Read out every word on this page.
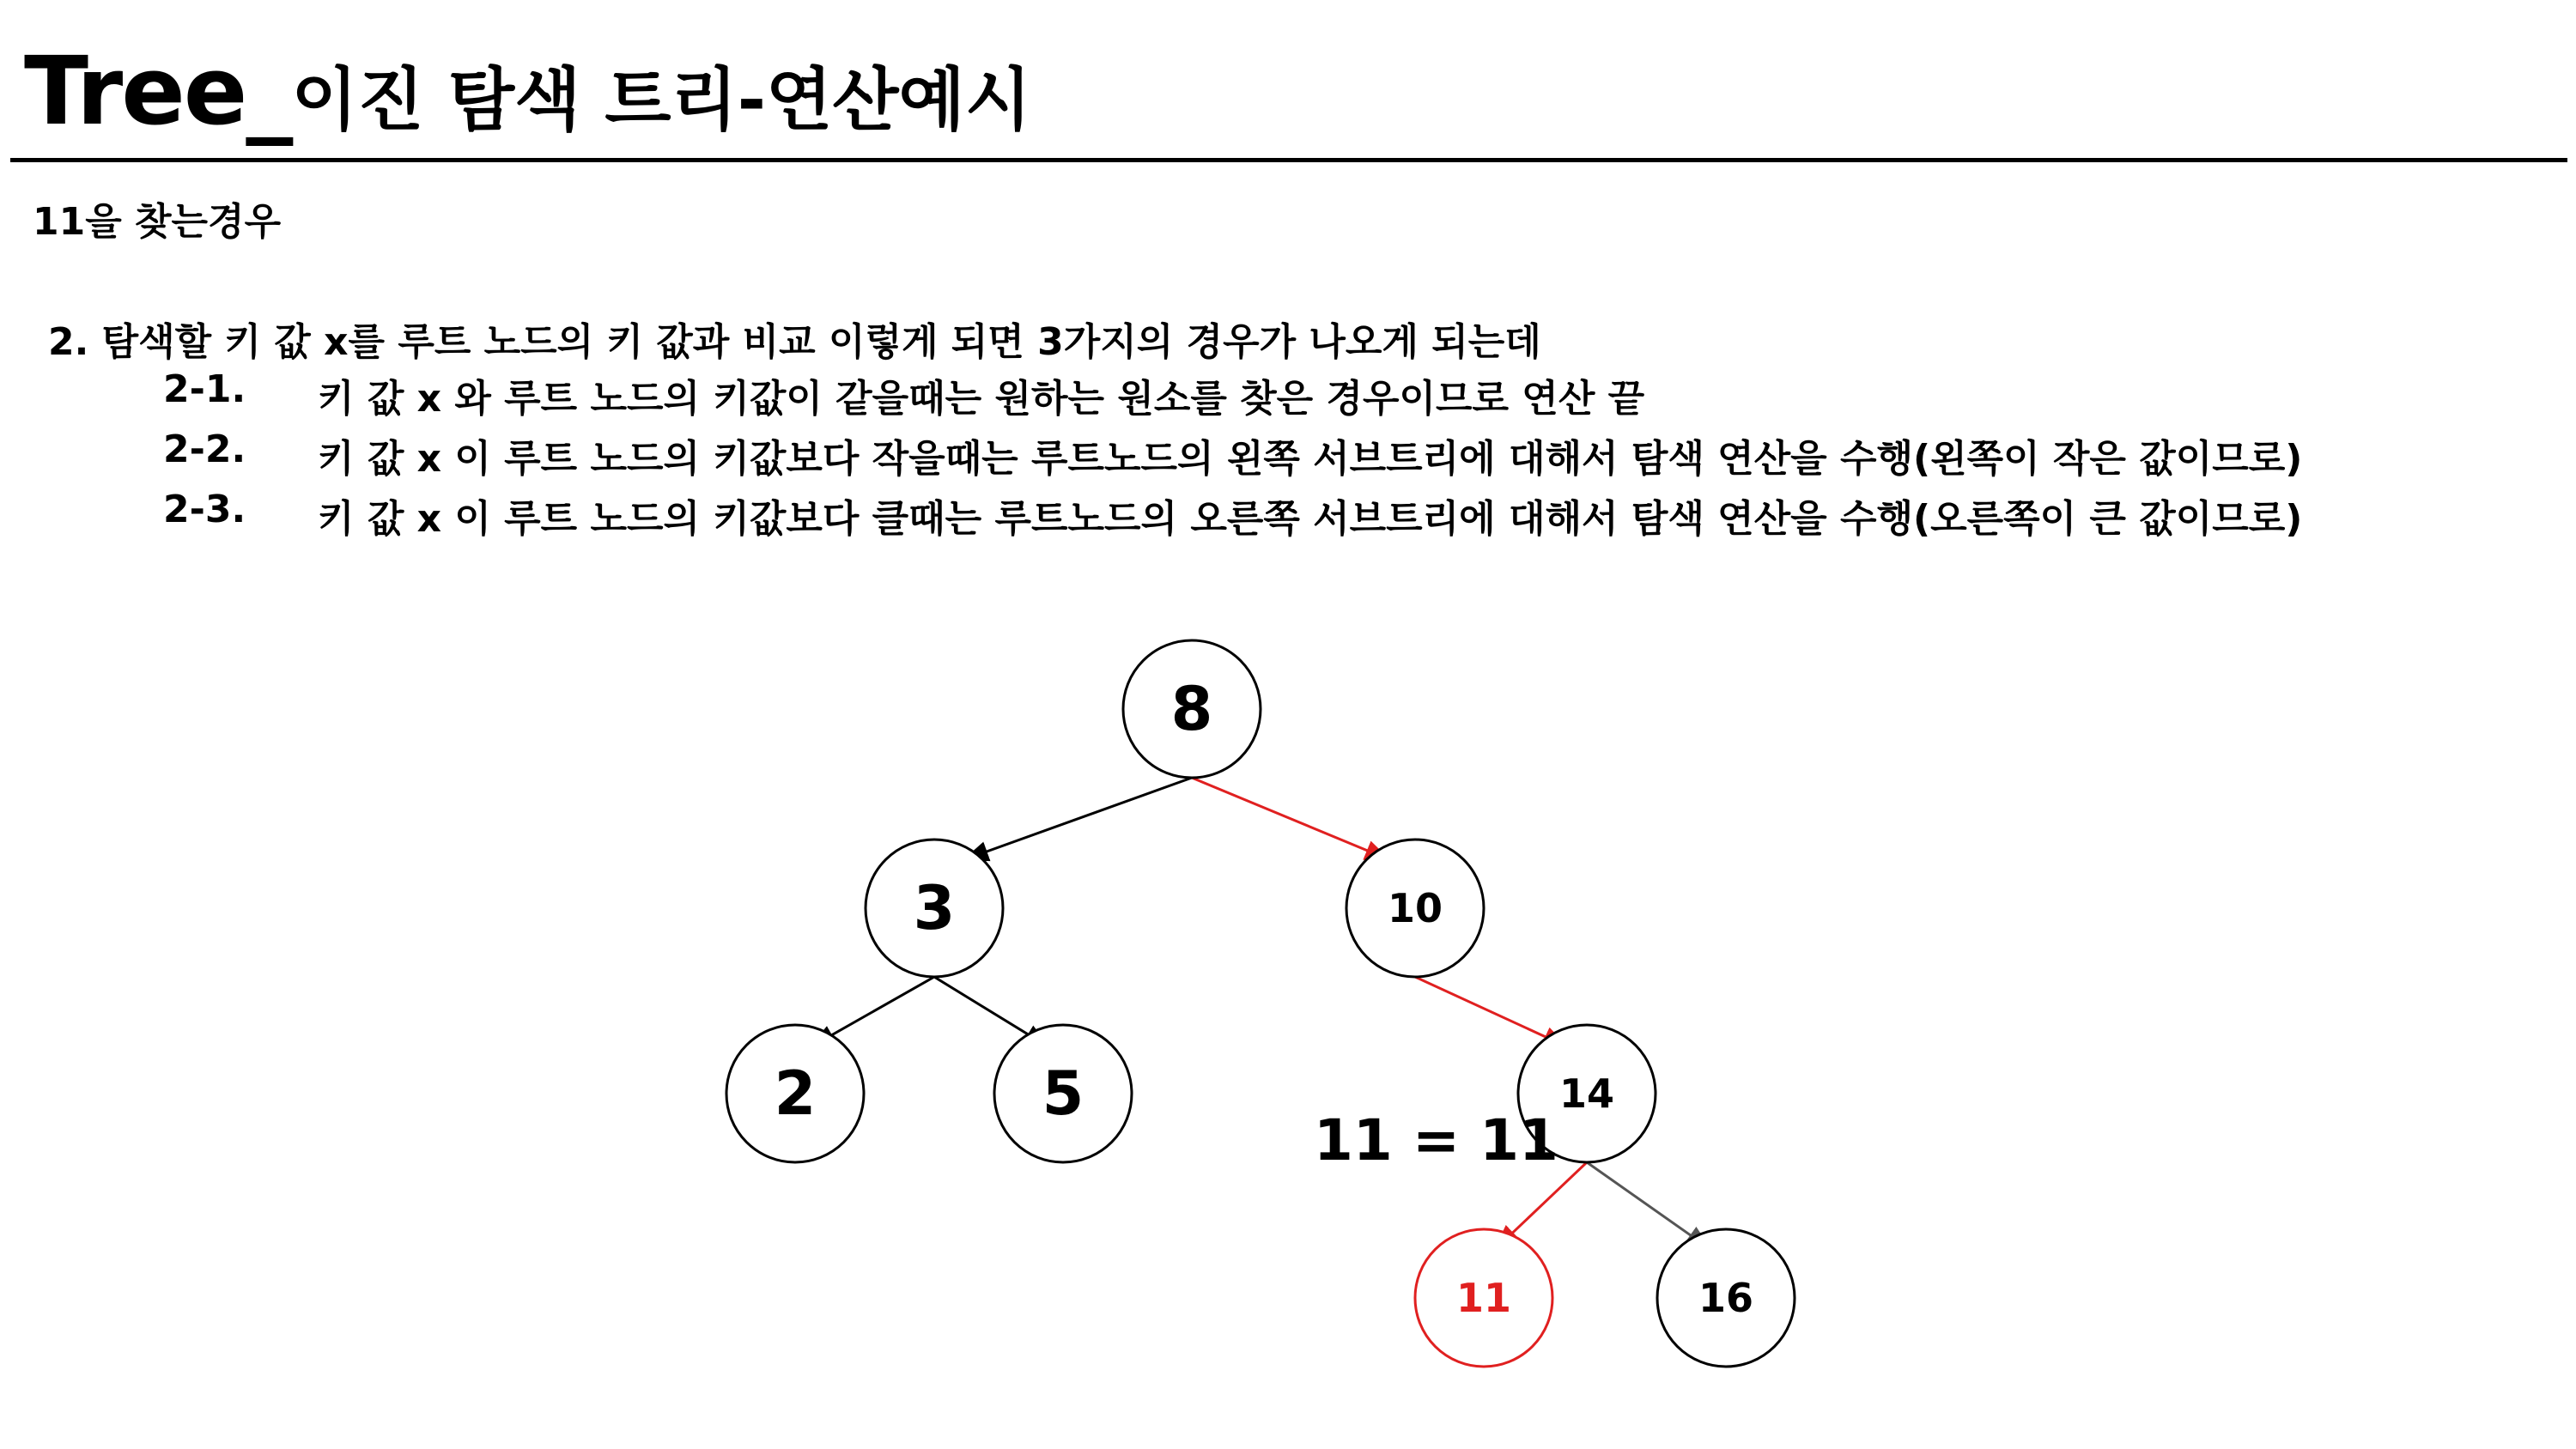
Tree_이진 탐색 트리-연산예시
11을 찾는경우
2. 탐색할 키 값 x를 루트 노드의 키 값과 비교 이렇게 되면 3가지의 경우가 나오게 되는데
2-1. 키 값 x 와 루트 노드의 키값이 같을때는 원하는 원소를 찾은 경우이므로 연산 끝
2-2. 키 값 x 이 루트 노드의 키값보다 작을때는 루트노드의 왼쪽 서브트리에 대해서 탐색 연산을 수행(왼쪽이 작은 값이므로)
2-3. 키 값 x 이 루트 노드의 키값보다 클때는 루트노드의 오른쪽 서브트리에 대해서 탐색 연산을 수행(오른쪽이 큰 값이므로)
8
3	10
2	5	14
11	16
11 = 11
